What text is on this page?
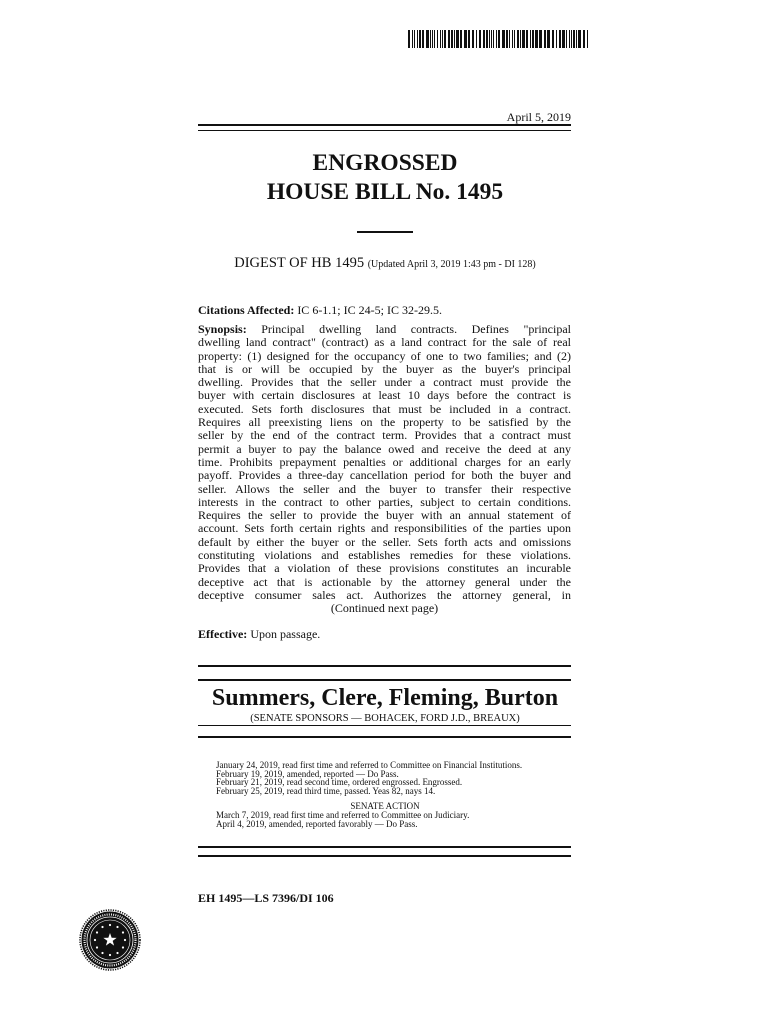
April 5, 2019
ENGROSSED
HOUSE BILL No. 1495
DIGEST OF HB 1495 (Updated April 3, 2019 1:43 pm - DI 128)
Citations Affected: IC 6-1.1; IC 24-5; IC 32-29.5.
Synopsis: Principal dwelling land contracts. Defines "principal
dwelling land contract" (contract) as a land contract for the sale of real
property: (1) designed for the occupancy of one to two families; and (2)
that is or will be occupied by the buyer as the buyer's principal
dwelling. Provides that the seller under a contract must provide the
buyer with certain disclosures at least 10 days before the contract is
executed. Sets forth disclosures that must be included in a contract.
Requires all preexisting liens on the property to be satisfied by the
seller by the end of the contract term. Provides that a contract must
permit a buyer to pay the balance owed and receive the deed at any
time. Prohibits prepayment penalties or additional charges for an early
payoff. Provides a three-day cancellation period for both the buyer and
seller. Allows the seller and the buyer to transfer their respective
interests in the contract to other parties, subject to certain conditions.
Requires the seller to provide the buyer with an annual statement of
account. Sets forth certain rights and responsibilities of the parties upon
default by either the buyer or the seller. Sets forth acts and omissions
constituting violations and establishes remedies for these violations.
Provides that a violation of these provisions constitutes an incurable
deceptive act that is actionable by the attorney general under the
deceptive consumer sales act. Authorizes the attorney general, in
(Continued next page)
Effective: Upon passage.
Summers, Clere, Fleming, Burton
(SENATE SPONSORS — BOHACEK, FORD J.D., BREAUX)
January 24, 2019, read first time and referred to Committee on Financial Institutions.
February 19, 2019, amended, reported — Do Pass.
February 21, 2019, read second time, ordered engrossed. Engrossed.
February 25, 2019, read third time, passed. Yeas 82, nays 14.
SENATE ACTION
March 7, 2019, read first time and referred to Committee on Judiciary.
April 4, 2019, amended, reported favorably — Do Pass.
EH 1495—LS 7396/DI 106
